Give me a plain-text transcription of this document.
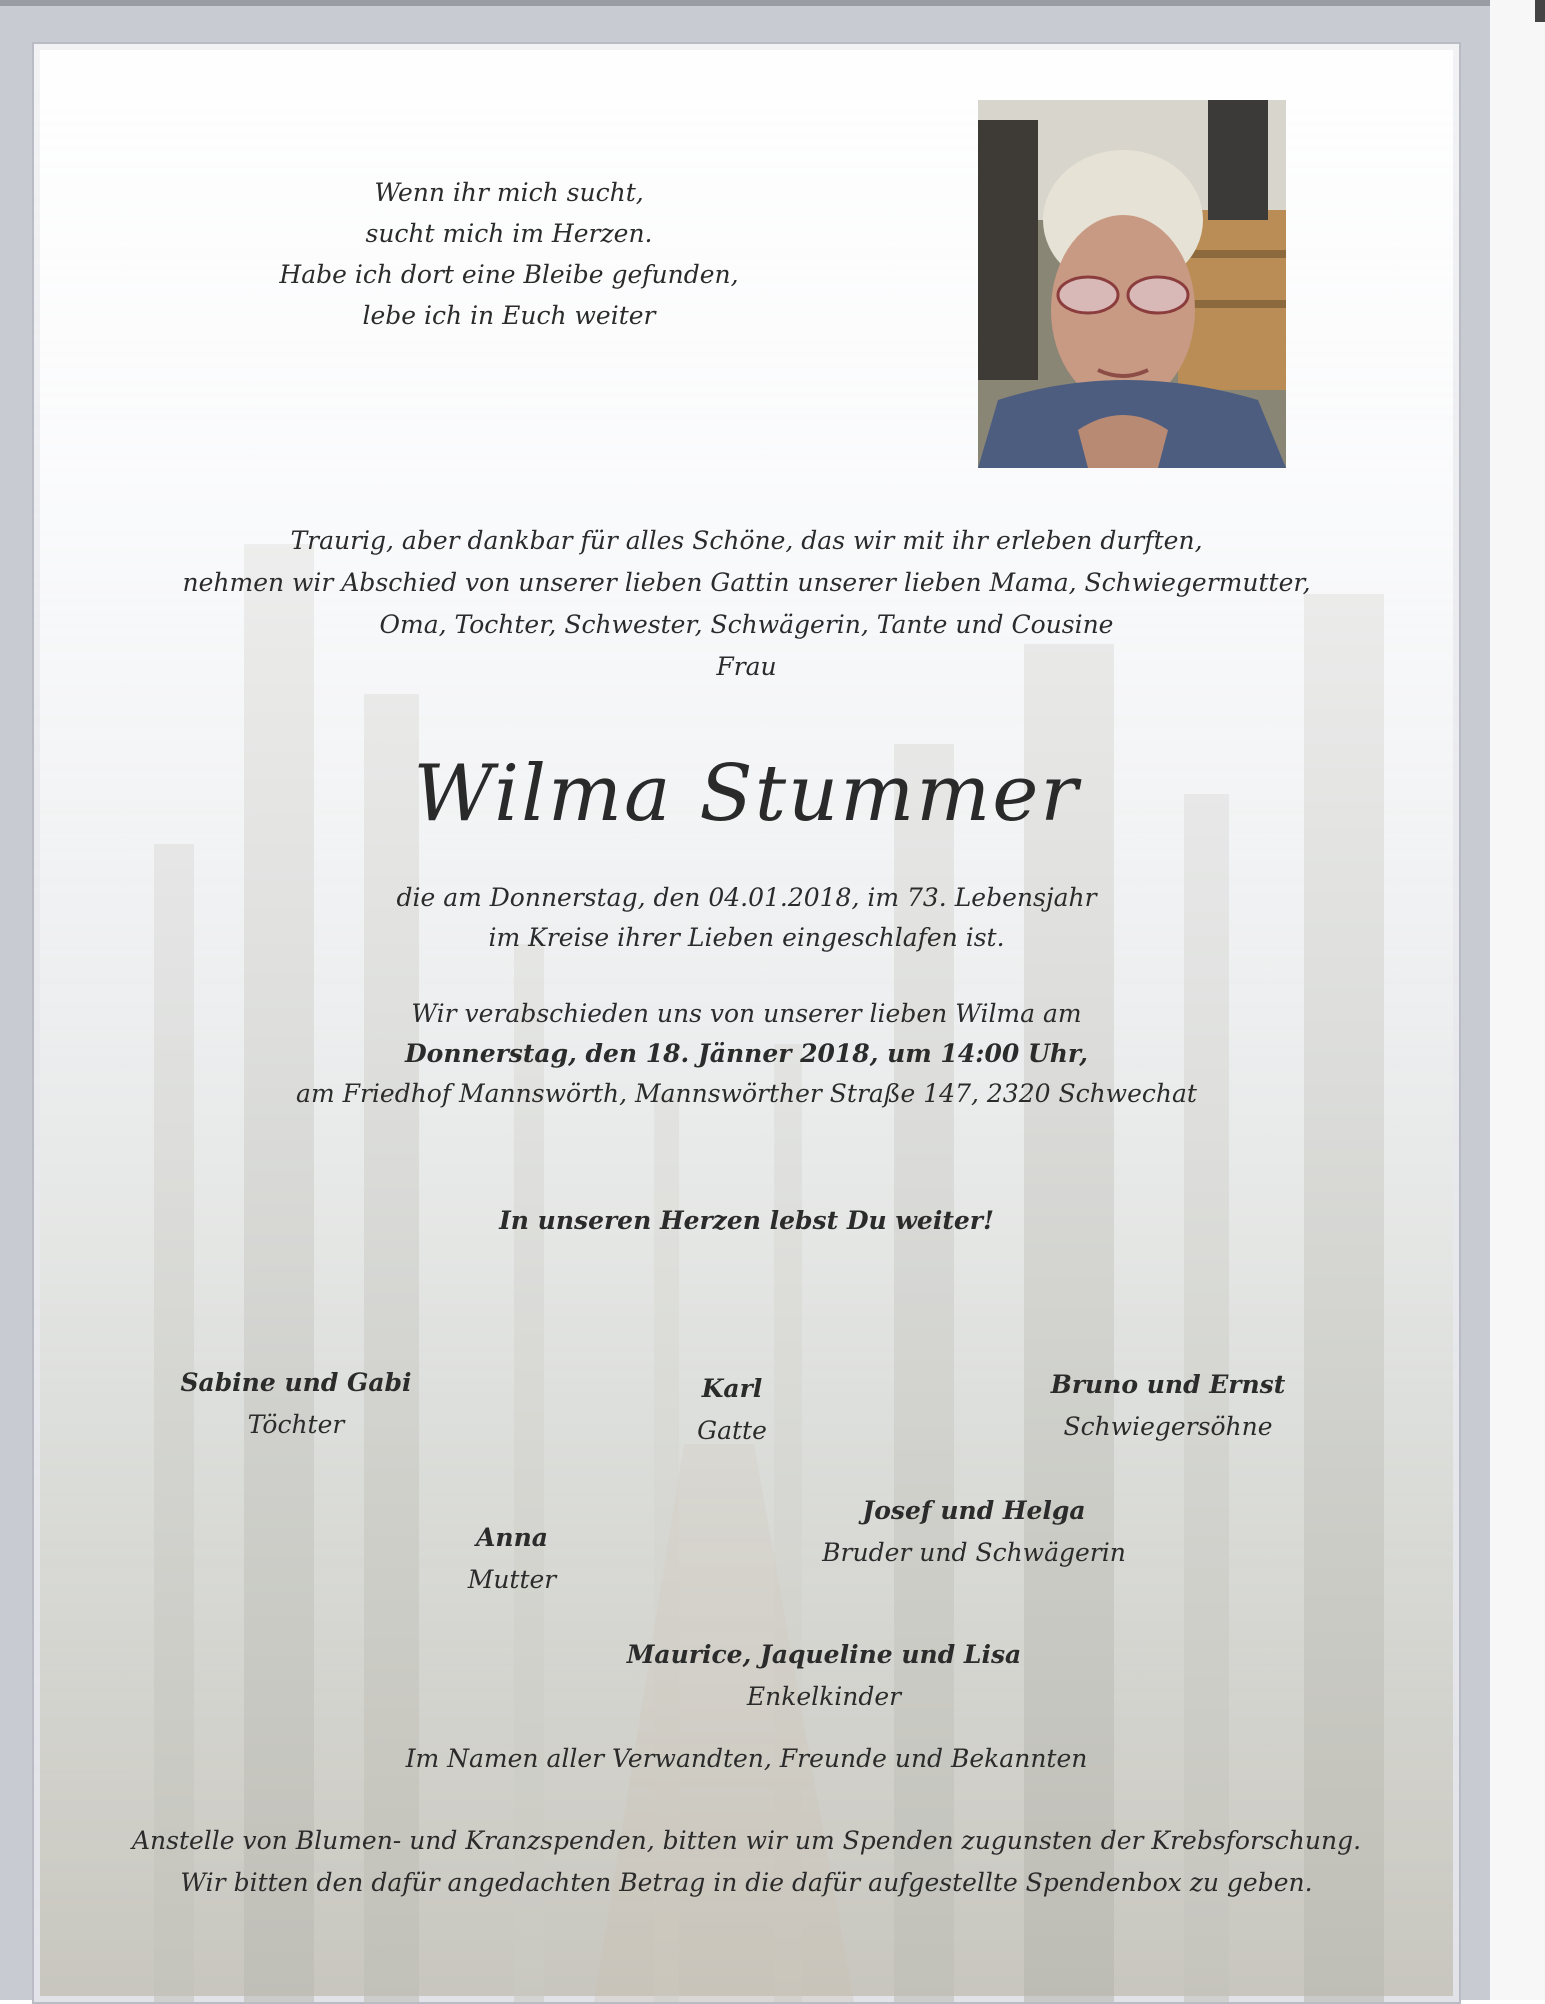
Wenn ihr mich sucht,
sucht mich im Herzen.
Habe ich dort eine Bleibe gefunden,
lebe ich in Euch weiter
Traurig, aber dankbar für alles Schöne, das wir mit ihr erleben durften,
nehmen wir Abschied von unserer lieben Gattin unserer lieben Mama, Schwiegermutter,
Oma, Tochter, Schwester, Schwägerin, Tante und Cousine
Frau
Wilma Stummer
die am Donnerstag, den 04.01.2018, im 73. Lebensjahr
im Kreise ihrer Lieben eingeschlafen ist.
Wir verabschieden uns von unserer lieben Wilma am
Donnerstag, den 18. Jänner 2018, um 14:00 Uhr,
am Friedhof Mannswörth, Mannswörther Straße 147, 2320 Schwechat
In unseren Herzen lebst Du weiter!
Sabine und Gabi
Töchter
Karl
Gatte
Bruno und Ernst
Schwiegersöhne
Josef und Helga
Bruder und Schwägerin
Anna
Mutter
Maurice, Jaqueline und Lisa
Enkelkinder
Im Namen aller Verwandten, Freunde und Bekannten
Anstelle von Blumen- und Kranzspenden, bitten wir um Spenden zugunsten der Krebsforschung.
Wir bitten den dafür angedachten Betrag in die dafür aufgestellte Spendenbox zu geben.
